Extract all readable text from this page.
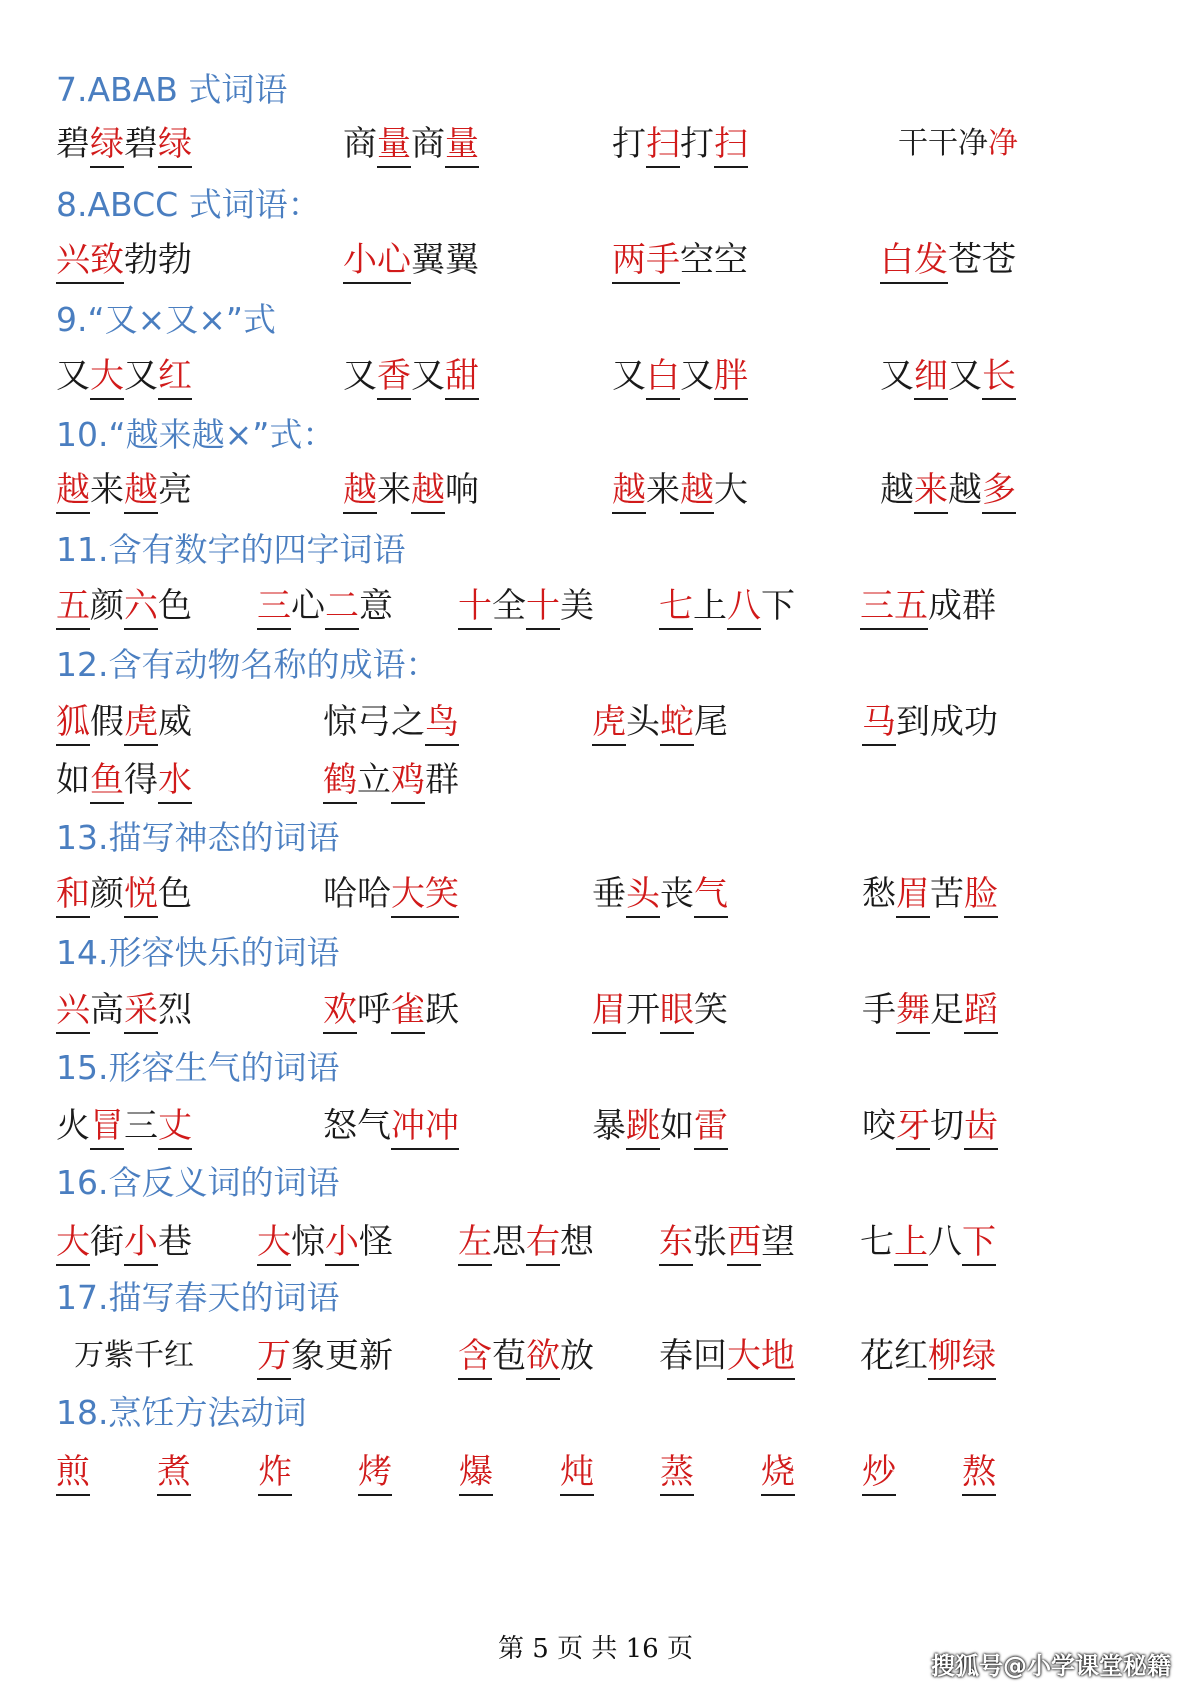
7.ABAB 式词语
碧绿碧绿	商量商量	打扫打扫	干干净净
8.ABCC 式词语：
兴致勃勃	小心翼翼	两手空空	白发苍苍
9.“又×又×”式
又大又红	又香又甜	又白又胖	又细又长
10.“越来越×”式：
越来越亮	越来越响	越来越大	越来越多
11.含有数字的四字词语
五颜六色 三心二意 十全十美 七上八下 三五成群
12.含有动物名称的成语：
狐假虎威	惊弓之鸟	虎头蛇尾	马到成功
如鱼得水	鹤立鸡群
13.描写神态的词语
和颜悦色	哈哈大笑	垂头丧气	愁眉苦脸
14.形容快乐的词语
兴高采烈	欢呼雀跃	眉开眼笑	手舞足蹈
15.形容生气的词语
火冒三丈	怒气冲冲	暴跳如雷	咬牙切齿
16.含反义词的词语
大街小巷 大惊小怪 左思右想 东张西望 七上八下
17.描写春天的词语
万紫千红 万象更新 含苞欲放 春回大地 花红柳绿
18.烹饪方法动词
煎 煮 炸 烤 爆 炖 蒸 烧 炒 熬
第 5 页 共 16 页
搜狐号@小学课堂秘籍
